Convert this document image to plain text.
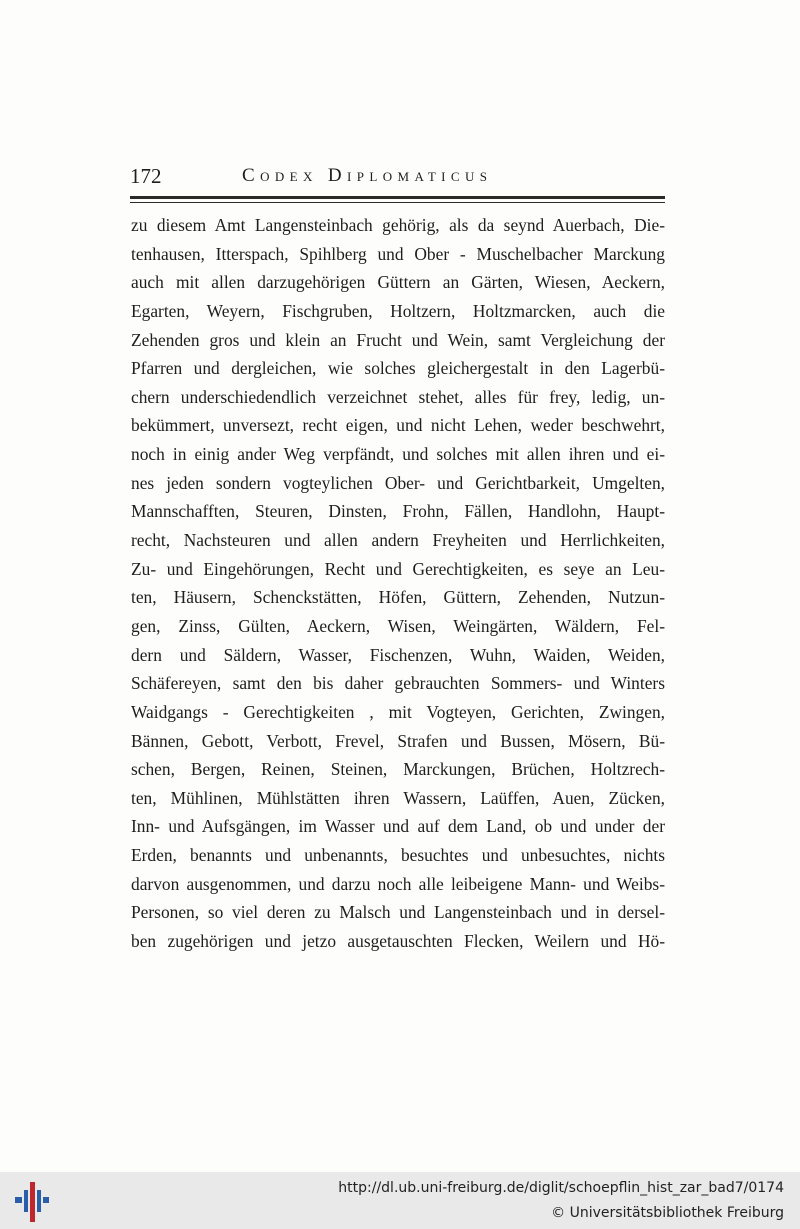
172	Codex Diplomaticus
zu diesem Amt Langensteinbach gehörig, als da seynd Auerbach, Die-
tenhausen, Itterspach, Spihlberg und Ober - Muschelbacher Marckung
auch mit allen darzugehörigen Güttern an Gärten, Wiesen, Aeckern,
Egarten, Weyern, Fischgruben, Holtzern, Holtzmarcken, auch die
Zehenden gros und klein an Frucht und Wein, samt Vergleichung der
Pfarren und dergleichen, wie solches gleichergestalt in den Lagerbü-
chern underschiedendlich verzeichnet stehet, alles für frey, ledig, un-
bekümmert, unversezt, recht eigen, und nicht Lehen, weder beschwehrt,
noch in einig ander Weg verpfändt, und solches mit allen ihren und ei-
nes jeden sondern vogteylichen Ober- und Gerichtbarkeit, Umgelten,
Mannschafften, Steuren, Dinsten, Frohn, Fällen, Handlohn, Haupt-
recht, Nachsteuren und allen andern Freyheiten und Herrlichkeiten,
Zu- und Eingehörungen, Recht und Gerechtigkeiten, es seye an Leu-
ten, Häusern, Schenckstätten, Höfen, Güttern, Zehenden, Nutzun-
gen, Zinss, Gülten, Aeckern, Wisen, Weingärten, Wäldern, Fel-
dern und Säldern, Wasser, Fischenzen, Wuhn, Waiden, Weiden,
Schäfereyen, samt den bis daher gebrauchten Sommers- und Winters
Waidgangs - Gerechtigkeiten , mit Vogteyen, Gerichten, Zwingen,
Bännen, Gebott, Verbott, Frevel, Strafen und Bussen, Mösern, Bü-
schen, Bergen, Reinen, Steinen, Marckungen, Brüchen, Holtzrech-
ten, Mühlinen, Mühlstätten ihren Wassern, Laüffen, Auen, Zücken,
Inn- und Aufsgängen, im Wasser und auf dem Land, ob und under der
Erden, benannts und unbenannts, besuchtes und unbesuchtes, nichts
darvon ausgenommen, und darzu noch alle leibeigene Mann- und Weibs-
Personen, so viel deren zu Malsch und Langensteinbach und in dersel-
ben zugehörigen und jetzo ausgetauschten Flecken, Weilern und Hö-
http://dl.ub.uni-freiburg.de/diglit/schoepflin_hist_zar_bad7/0174
© Universitätsbibliothek Freiburg
